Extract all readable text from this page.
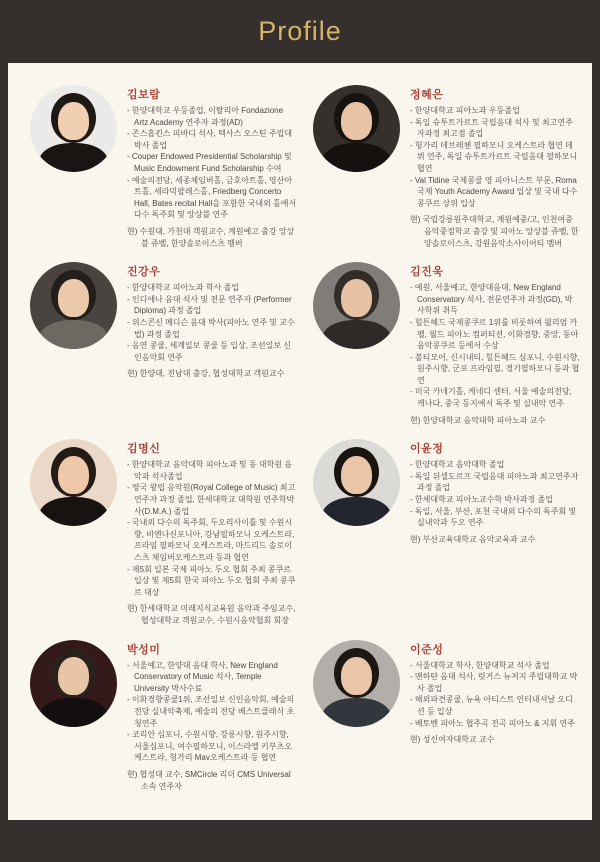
Profile
김보람
- 한양대학교 우등졸업, 이탈리아 Fondazione Artz Academy 연주자 과정(AD)
- 존스홉킨스 피바디 석사, 텍사스 오스틴 주립대 박사 졸업
- Couper Endowed Presidential Scholarship 및 Music Endowment Fund Scholarship 수여
- 예술의전당, 세종체임버홀, 금호아트홀, 영산아트홀, 세라믹팔레스홀, Friedberg Concerto Hall, Bates recital Hall을 포함한 국내외 홀에서 다수 독주회 및 앙상블 연주

현) 수원대, 가천대 객원교수, 계원예고 출강 앙상블 쥬벨, 한양솔로이스츠 멤버

정혜은
- 한양대학교 피아노과 우등졸업
- 독일 슈투트가르트 국립음대 석사 및 최고연주자과정 최고점 졸업
- 헝가리 데브레첸 필하모니 오케스트라 협연 데뷔 연주, 독일 슈투트가르트 국립음대 필하모니 협연
- Val Tidine 국제콩쿨 영 피아니스트 부문, Roma 국제 Youth Academy Award 입상 및 국내 다수 콩쿠르 상위 입상

현) 국립강릉원주대학교, 계원예중/고, 인천여중 음악중점학교 출강 및 피아노 앙상블 쥬벨, 한양솔로이스츠, 강원음악소사이어티 멤버

진강우
- 한양대학교 피아노과 학사 졸업
- 인디애나 음대 석사 및 전문 연주자 (Performer Diploma) 과정 졸업
- 위스콘신 메디슨 음대 박사(피아노 연주 및 교수법) 과정 졸업
- 음연 콩쿨, 세계일보 콩쿨 등 입상, 조선일보 신인음악회 연주

현) 한양대, 전남대 출강, 협성대학교 객원교수

김진욱
- 예원, 서울예고, 한양대음대, New England Conservatory 석사, 전문연주자 과정(GD), 박사학위 취득
- 힐튼헤드 국제콩쿠르 1위를 비롯하여 윌리엄 카펠, 월드 피아노 컴퍼티션, 이화경향, 중앙, 동아음악콩쿠르 등에서 수상
- 볼티모어, 신시내티, 힐튼헤드 심포니, 수원시향, 원주시향, 군포 프라임필, 경기필하모니 등과 협연
- 미국 카네기홀, 케네디 센터, 서울 예술의전당, 캐나다, 중국 등지에서 독주 및 실내악 연주

현) 한양대학교 음악대학 피아노과 교수

김명신
- 한양대학교 음악대학 피아노과 및 동 대학원 음악과 석사졸업
- 영국 왕립 음악원(Royal College of Music) 최고연주자 과정 졸업, 한세대학교 대학원 연주학박사(D.M.A.) 졸업
- 국내외 다수의 독주회, 두오리사이틀 및 수원시향, 비엔나신포니아, 강남필하모니 오케스트라, 프라임 필하모닉 오케스트라, 마드리드 솔로이스츠 체임버오케스트라 등과 협연
- 제5회 일본 국제 피아노 두오 협회 주최 콩쿠르 입상 및 제5회 한국 피아노 두오 협회 주최 콩쿠르 대상

현) 한세대학교 미래지식교육원 음악과 주임교수, 협성대학교 객원교수, 수원시음악협회 회장

이윤정
- 한양대학교 음악대학 졸업
- 독일 뒤셀도르프 국립음대 피아노과 최고연주자과정 졸업
- 한세대학교 피아노교수학 박사과정 졸업
- 독일, 서울, 부산, 포천 국내외 다수의 독주회 및 실내악과 두오 연주

현) 부산교육대학교 음악교육과 교수

박성미
- 서울예고, 한양대 음대 학사, New England Conservatory of Music 석사, Temple University 박사수료
- 이화경향콩쿨1위, 조선일보 신인음악회, 예술의 전당 실내악축제, 예술의 전당 베스트클래식 초청연주
- 코리안 심포니, 수원시향, 강릉시향, 원주시향, 서울심포니, 여수필하모니, 이스라엘 키부츠오케스트라, 헝가리 Mav오케스트라 등 협연

현) 협성대 교수, SMCircle 리더 CMS Universal 소속 연주자

이준성
- 서울대학교 학사, 한양대학교 석사 졸업
- 맨하탄 음대 석사, 럿거스 뉴저지 주립대학교 박사 졸업
- 해외파견콩쿨, 뉴욕 아티스트 인터내셔날 오디션 등 입상
- 베토벤 피아노 협주곡 전곡 피아노 & 지휘 연주

현) 성신여자대학교 교수
